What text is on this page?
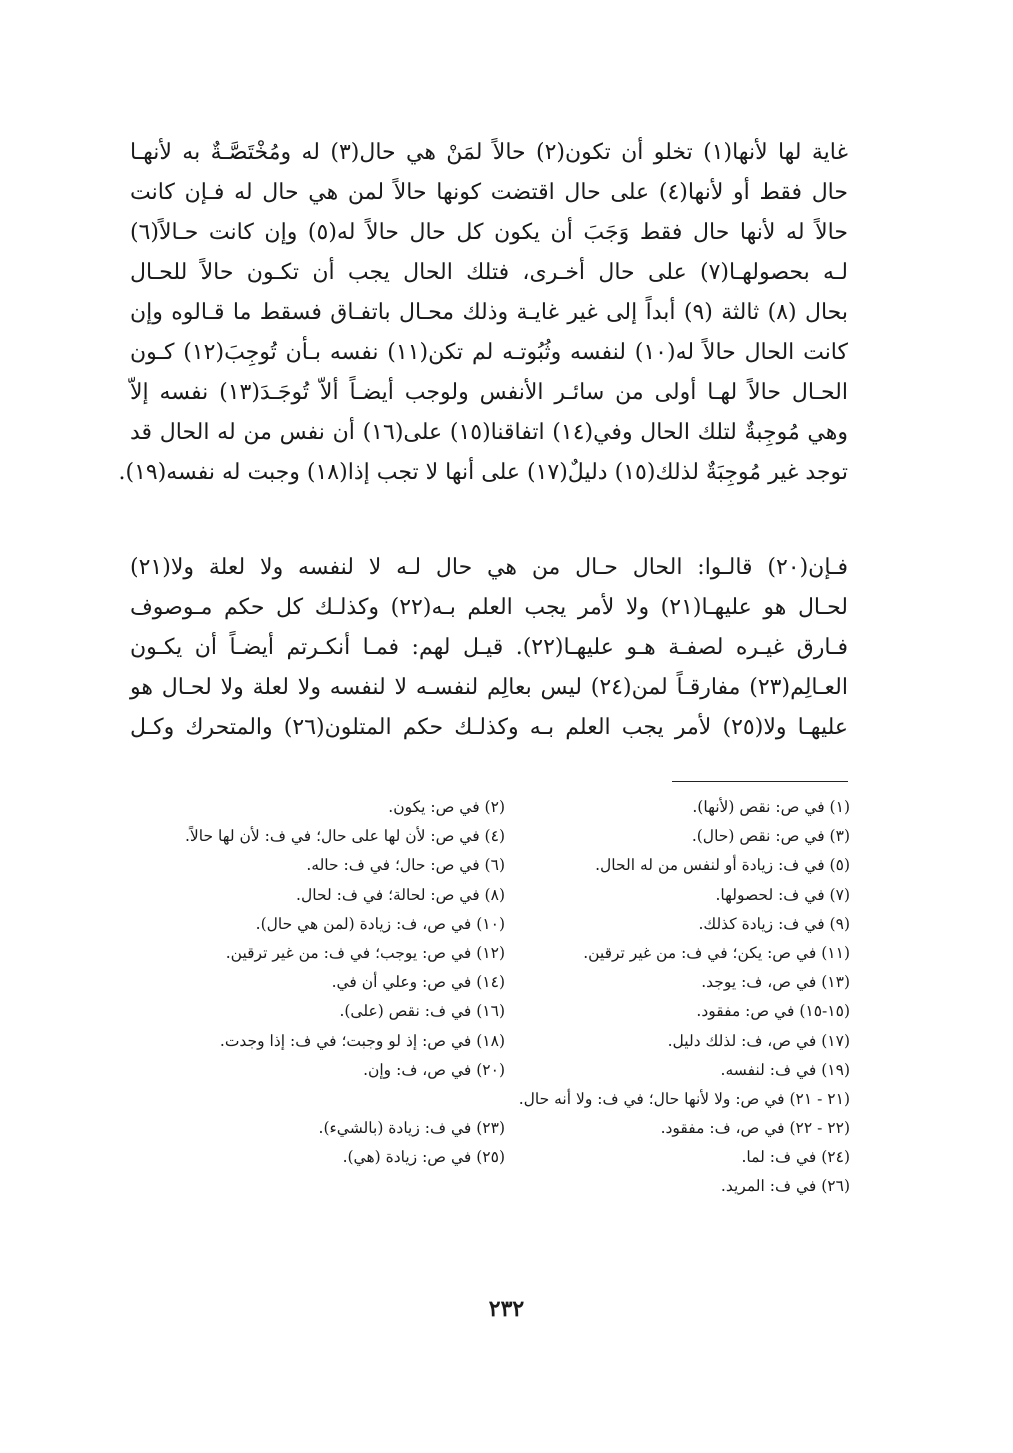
غاية لها لأنها(١) تخلو أن تكون(٢) حالاً لمَنْ هي حال(٣) له ومُخْتَصَّـةٌ به لأنهـا
حال فقط أو لأنها(٤) على حال اقتضت كونها حالاً لمن هي حال له فـإن كانت
حالاً له لأنها حال فقط وَجَبَ أن يكون كل حال حالاً له(٥) وإن كانت حـالاً(٦)
لـه بحصولهـا(٧) على حال أخـرى، فتلك الحال يجب أن تكـون حالاً للحـال
بحال (٨) ثالثة (٩) أبداً إلى غير غايـة وذلك محـال باتفـاق فسقط ما قـالوه وإن
كانت الحال حالاً له(١٠) لنفسه وثُبُوتـه لم تكن(١١) نفسه بـأن تُوجِبَ(١٢) كـون
الحـال حالاً لهـا أولى من سائـر الأنفس ولوجب أيضـاً ألاّ تُوجَـدَ(١٣) نفسه إلاّ
وهي مُوجِبةٌ لتلك الحال وفي(١٤) اتفاقنا(١٥) على(١٦) أن نفس من له الحال قد
توجد غير مُوجِبَةٌ لذلك(١٥) دليلٌ(١٧) على أنها لا تجب إذا(١٨) وجبت له نفسه(١٩).
فـإن(٢٠) قالـوا: الحال حـال من هي حال لـه لا لنفسه ولا لعلة ولا(٢١)
لحـال هو عليهـا(٢١) ولا لأمر يجب العلم بـه(٢٢) وكذلـك كل حكم مـوصوف
فـارق غيـره لصفـة هـو عليهـا(٢٢). قيـل لهم: فمـا أنكـرتم أيضـاً أن يكـون
العـالِم(٢٣) مفارقـاً لمن(٢٤) ليس بعالِم لنفسـه لا لنفسه ولا لعلة ولا لحـال هو
عليهـا ولا(٢٥) لأمر يجب العلم بـه وكذلـك حكم المتلون(٢٦) والمتحرك وكـل
(١) في ص: نقص (لأنها).
(٢) في ص: يكون.
(٣) في ص: نقص (حال).
(٤) في ص: لأن لها على حال؛ في ف: لأن لها حالاً.
(٥) في ف: زيادة أو لنفس من له الحال.
(٦) في ص: حال؛ في ف: حاله.
(٧) في ف: لحصولها.
(٨) في ص: لحالة؛ في ف: لحال.
(٩) في ف: زيادة كذلك.
(١٠) في ص، ف: زيادة (لمن هي حال).
(١١) في ص: يكن؛ في ف: من غير ترقين.
(١٢) في ص: يوجب؛ في ف: من غير ترقين.
(١٣) في ص، ف: يوجد.
(١٤) في ص: وعلي أن في.
(١٥-١٥) في ص: مفقود.
(١٦) في ف: نقص (على).
(١٧) في ص، ف: لذلك دليل.
(١٨) في ص: إذ لو وجبت؛ في ف: إذا وجدت.
(١٩) في ف: لنفسه.
(٢٠) في ص، ف: وإن.
(٢١ - ٢١) في ص: ولا لأنها حال؛ في ف: ولا أنه حال.
(٢٢ - ٢٢) في ص، ف: مفقود.
(٢٣) في ف: زيادة (بالشيء).
(٢٤) في ف: لما.
(٢٥) في ص: زيادة (هي).
(٢٦) في ف: المريد.
٢٣٢
